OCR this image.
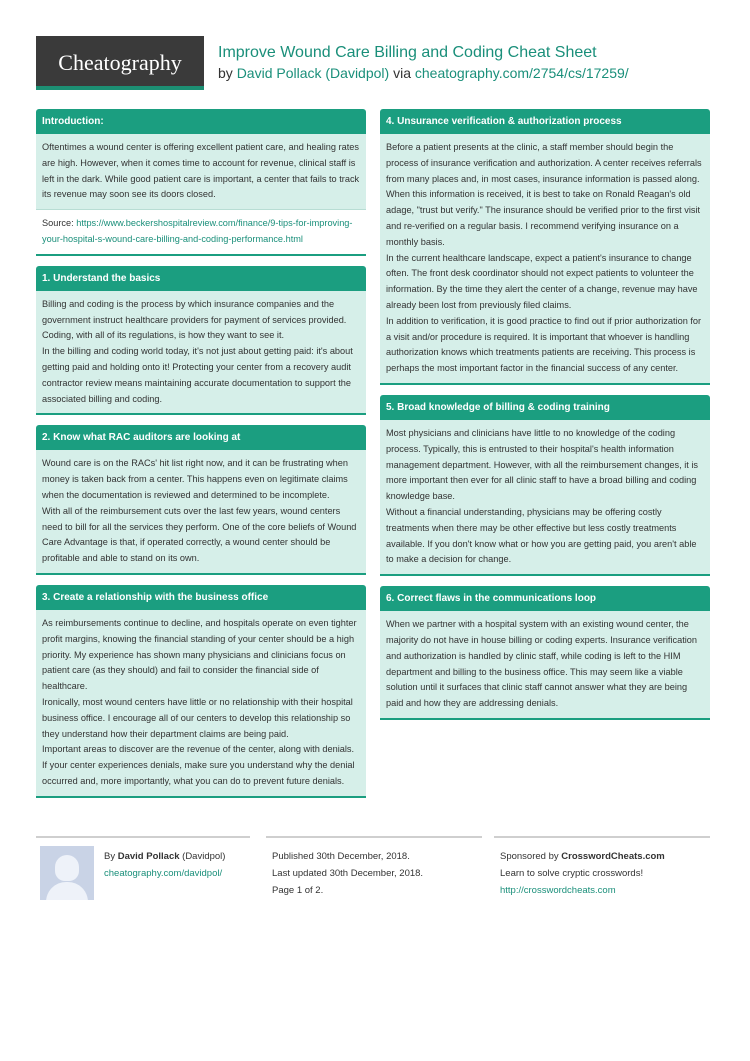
Cheatography	Improve Wound Care Billing and Coding Cheat Sheet
by David Pollack (Davidpol) via cheatography.com/2754/cs/17259/
Introduction:

Oftentimes a wound center is offering excellent patient care, and healing rates are high. However, when it comes time to account for revenue, clinical staff is left in the dark. While good patient care is important, a center that fails to track its revenue may soon see its doors closed.

Source: https://www.beckershospitalreview.com/finance/9-tips-for-improving-your-hospital-s-wound-care-billing-and-coding-performance.html
1. Understand the basics

Billing and coding is the process by which insurance companies and the government instruct healthcare providers for payment of services provided. Coding, with all of its regulations, is how they want to see it.

In the billing and coding world today, it's not just about getting paid: it's about getting paid and holding onto it! Protecting your center from a recovery audit contractor review means maintaining accurate documentation to support the associated billing and coding.

2. Know what RAC auditors are looking at

Wound care is on the RACs' hit list right now, and it can be frustrating when money is taken back from a center. This happens even on legitimate claims when the documentation is reviewed and determined to be incomplete.

With all of the reimbursement cuts over the last few years, wound centers need to bill for all the services they perform. One of the core beliefs of Wound Care Advantage is that, if operated correctly, a wound center should be profitable and able to stand on its own.

3. Create a relationship with the business office

As reimbursements continue to decline, and hospitals operate on even tighter profit margins, knowing the financial standing of your center should be a high priority. My experience has shown many physicians and clinicians focus on patient care (as they should) and fail to consider the financial side of healthcare.

Ironically, most wound centers have little or no relationship with their hospital business office. I encourage all of our centers to develop this relationship so they understand how their department claims are being paid.

Important areas to discover are the revenue of the center, along with denials. If your center experiences denials, make sure you understand why the denial occurred and, more importantly, what you can do to prevent future denials.

4. Unsurance verification & authorization process

Before a patient presents at the clinic, a staff member should begin the process of insurance verification and authorization. A center receives referrals from many places and, in most cases, insurance information is passed along. When this information is received, it is best to take on Ronald Reagan's old adage, "trust but verify." The insurance should be verified prior to the first visit and re-verified on a regular basis. I recommend verifying insurance on a monthly basis.

In the current healthcare landscape, expect a patient's insurance to change often. The front desk coordinator should not expect patients to volunteer the information. By the time they alert the center of a change, revenue may have already been lost from previously filed claims.

In addition to verification, it is good practice to find out if prior authorization for a visit and/or procedure is required. It is important that whoever is handling authorization knows which treatments patients are receiving. This process is perhaps the most important factor in the financial success of any center.

5. Broad knowledge of billing & coding training

Most physicians and clinicians have little to no knowledge of the coding process. Typically, this is entrusted to their hospital's health information management department. However, with all the reimbursement changes, it is more important then ever for all clinic staff to have a broad billing and coding knowledge base.

Without a financial understanding, physicians may be offering costly treatments when there may be other effective but less costly treatments available. If you don't know what or how you are getting paid, you aren't able to make a decision for change.

6. Correct flaws in the communications loop

When we partner with a hospital system with an existing wound center, the majority do not have in house billing or coding experts. Insurance verification and authorization is handled by clinic staff, while coding is left to the HIM department and billing to the business office. This may seem like a viable solution until it surfaces that clinic staff cannot answer what they are being paid and how they are addressing denials.

By David Pollack (Davidpol)
cheatography.com/davidpol/
Published 30th December, 2018.
Last updated 30th December, 2018.
Page 1 of 2.
Sponsored by CrosswordCheats.com
Learn to solve cryptic crosswords!
http://crosswordcheats.com
